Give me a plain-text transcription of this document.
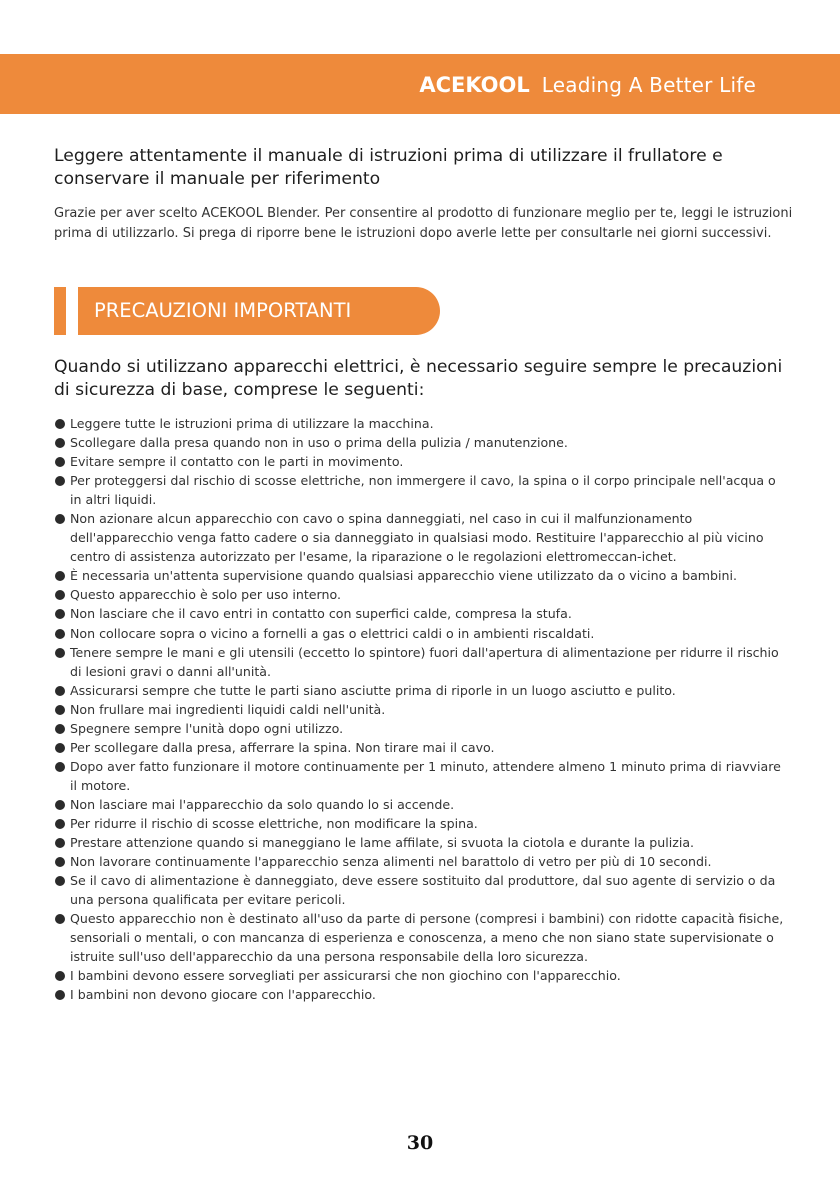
ACEKOOL Leading A Better Life
Leggere attentamente il manuale di istruzioni prima di utilizzare il frullatore e conservare il manuale per riferimento
Grazie per aver scelto ACEKOOL Blender. Per consentire al prodotto di funzionare meglio per te, leggi le istruzioni prima di utilizzarlo. Si prega di riporre bene le istruzioni dopo averle lette per consultarle nei giorni successivi.
PRECAUZIONI IMPORTANTI
Quando si utilizzano apparecchi elettrici, è necessario seguire sempre le precauzioni di sicurezza di base, comprese le seguenti:
Leggere tutte le istruzioni prima di utilizzare la macchina.
Scollegare dalla presa quando non in uso o prima della pulizia / manutenzione.
Evitare sempre il contatto con le parti in movimento.
Per proteggersi dal rischio di scosse elettriche, non immergere il cavo, la spina o il corpo principale nell'acqua o in altri liquidi.
Non azionare alcun apparecchio con cavo o spina danneggiati, nel caso in cui il malfunzionamento dell'apparecchio venga fatto cadere o sia danneggiato in qualsiasi modo. Restituire l'apparecchio al più vicino centro di assistenza autorizzato per l'esame, la riparazione o le regolazioni elettromeccan-ichet.
È necessaria un'attenta supervisione quando qualsiasi apparecchio viene utilizzato da o vicino a bambini.
Questo apparecchio è solo per uso interno.
Non lasciare che il cavo entri in contatto con superfici calde, compresa la stufa.
Non collocare sopra o vicino a fornelli a gas o elettrici caldi o in ambienti riscaldati.
Tenere sempre le mani e gli utensili (eccetto lo spintore) fuori dall'apertura di alimentazione per ridurre il rischio di lesioni gravi o danni all'unità.
Assicurarsi sempre che tutte le parti siano asciutte prima di riporle in un luogo asciutto e pulito.
Non frullare mai ingredienti liquidi caldi nell'unità.
Spegnere sempre l'unità dopo ogni utilizzo.
Per scollegare dalla presa, afferrare la spina. Non tirare mai il cavo.
Dopo aver fatto funzionare il motore continuamente per 1 minuto, attendere almeno 1 minuto prima di riavviare il motore.
Non lasciare mai l'apparecchio da solo quando lo si accende.
Per ridurre il rischio di scosse elettriche, non modificare la spina.
Prestare attenzione quando si maneggiano le lame affilate, si svuota la ciotola e durante la pulizia.
Non lavorare continuamente l'apparecchio senza alimenti nel barattolo di vetro per più di 10 secondi.
Se il cavo di alimentazione è danneggiato, deve essere sostituito dal produttore, dal suo agente di servizio o da una persona qualificata per evitare pericoli.
Questo apparecchio non è destinato all'uso da parte di persone (compresi i bambini) con ridotte capacità fisiche, sensoriali o mentali, o con mancanza di esperienza e conoscenza, a meno che non siano state supervisionate o istruite sull'uso dell'apparecchio da una persona responsabile della loro sicurezza.
I bambini devono essere sorvegliati per assicurarsi che non giochino con l'apparecchio.
I bambini non devono giocare con l'apparecchio.
30
